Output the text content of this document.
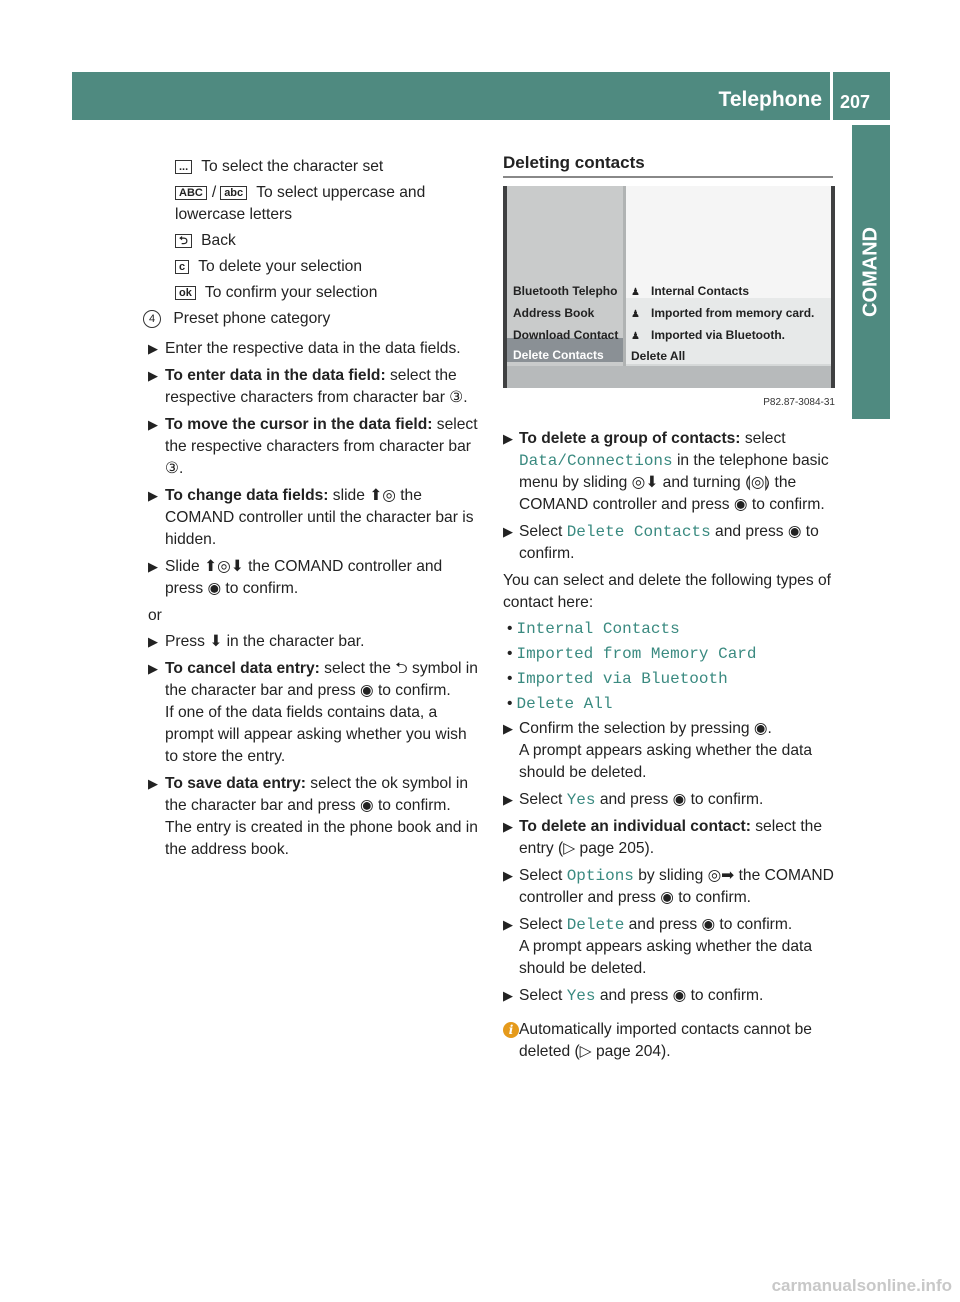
Telephone 207
COMAND
... To select the character set
ABC / abc To select uppercase and lowercase letters
⮌ Back
c To delete your selection
ok To confirm your selection
4 Preset phone category
▶ Enter the respective data in the data fields.
▶ To enter data in the data field: select the respective characters from character bar ③.
▶ To move the cursor in the data field: select the respective characters from character bar ③.
▶ To change data fields: slide ⬆◎ the COMAND controller until the character bar is hidden.
▶ Slide ⬆◎⬇ the COMAND controller and press ◉ to confirm.
or
▶ Press ⬇ in the character bar.
▶ To cancel data entry: select the ⮌ symbol in the character bar and press ◉ to confirm.
If one of the data fields contains data, a prompt will appear asking whether you wish to store the entry.
▶ To save data entry: select the ok symbol in the character bar and press ◉ to confirm.
The entry is created in the phone book and in the address book.
Deleting contacts
Bluetooth Telepho
Address Book
Download Contact
Delete Contacts
♟
♟
♟
Internal Contacts
Imported from memory card.
Imported via Bluetooth.
Delete All
P82.87-3084-31
▶ To delete a group of contacts: select Data/Connections in the telephone basic menu by sliding ◎⬇ and turning ⟬◎⟭ the COMAND controller and press ◉ to confirm.
▶ Select Delete Contacts and press ◉ to confirm.
You can select and delete the following types of contact here:
• Internal Contacts
• Imported from Memory Card
• Imported via Bluetooth
• Delete All
▶ Confirm the selection by pressing ◉.
A prompt appears asking whether the data should be deleted.
▶ Select Yes and press ◉ to confirm.
▶ To delete an individual contact: select the entry (▷ page 205).
▶ Select Options by sliding ◎➡ the COMAND controller and press ◉ to confirm.
▶ Select Delete and press ◉ to confirm.
A prompt appears asking whether the data should be deleted.
▶ Select Yes and press ◉ to confirm.
i Automatically imported contacts cannot be deleted (▷ page 204).
carmanualsonline.info
